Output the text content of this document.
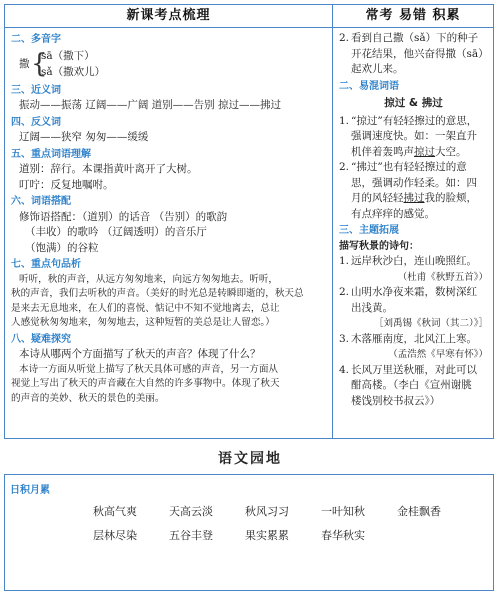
新课考点梳理
二、多音字
撒 {
sā（撒下）
sǎ（撒欢儿）
三、近义词
振动——振荡 辽阔——广阔 道别——告别 掠过——拂过
四、反义词
辽阔——狭窄 匆匆——缓缓
五、重点词语理解
道别：辞行。本课指黄叶离开了大树。
叮咛：反复地嘱咐。
六、词语搭配
修饰语搭配：（道别）的话音 （告别）的歌韵
（丰收）的歌吟 （辽阔透明）的音乐厅
（饱满）的谷粒
七、重点句品析
听听，秋的声音，从远方匆匆地来，向远方匆匆地去。听听，
秋的声音，我们去听秋的声音。（美好的时光总是转瞬即逝的，秋天总
是来去无息地来，在人们的喜悦、惦记中不知不觉地离去，总让
人感觉秋匆匆地来，匆匆地去，这种短暂的美总是让人留恋。）
八、疑难探究
本诗从哪两个方面描写了秋天的声音？体现了什么？
本诗一方面从听觉上描写了秋天具体可感的声音，另一方面从
视觉上写出了秋天的声音藏在大自然的许多事物中。体现了秋天
的声音的美妙、秋天的景色的美丽。
常考 易错 积累
2. 看到自己撒（sǎ）下的种子
开花结果，他兴奋得撒（sā）
起欢儿来。
二、易混词语
掠过 & 拂过
1. “掠过”有轻轻擦过的意思，
强调速度快。如：一架直升
机伴着轰鸣声掠过大空。
2. “拂过”也有轻轻擦过的意
思，强调动作轻柔。如：四
月的风轻轻拂过我的脸颊，
有点痒痒的感觉。
三、主题拓展
描写秋景的诗句：
1. 远岸秋沙白，连山晚照红。
（杜甫《秋野五首》）
2. 山明水净夜来霜，数树深红
出浅黄。
［刘禹锡《秋词（其二）》］
3. 木落雁南度，北风江上寒。
（孟浩然《早寒有怀》）
4. 长风万里送秋雁，对此可以
酣高楼。（李白《宣州谢朓
楼饯别校书叔云》）
语文园地
日积月累
秋高气爽	天高云淡	秋风习习	一叶知秋	金桂飘香
层林尽染	五谷丰登	果实累累	春华秋实
